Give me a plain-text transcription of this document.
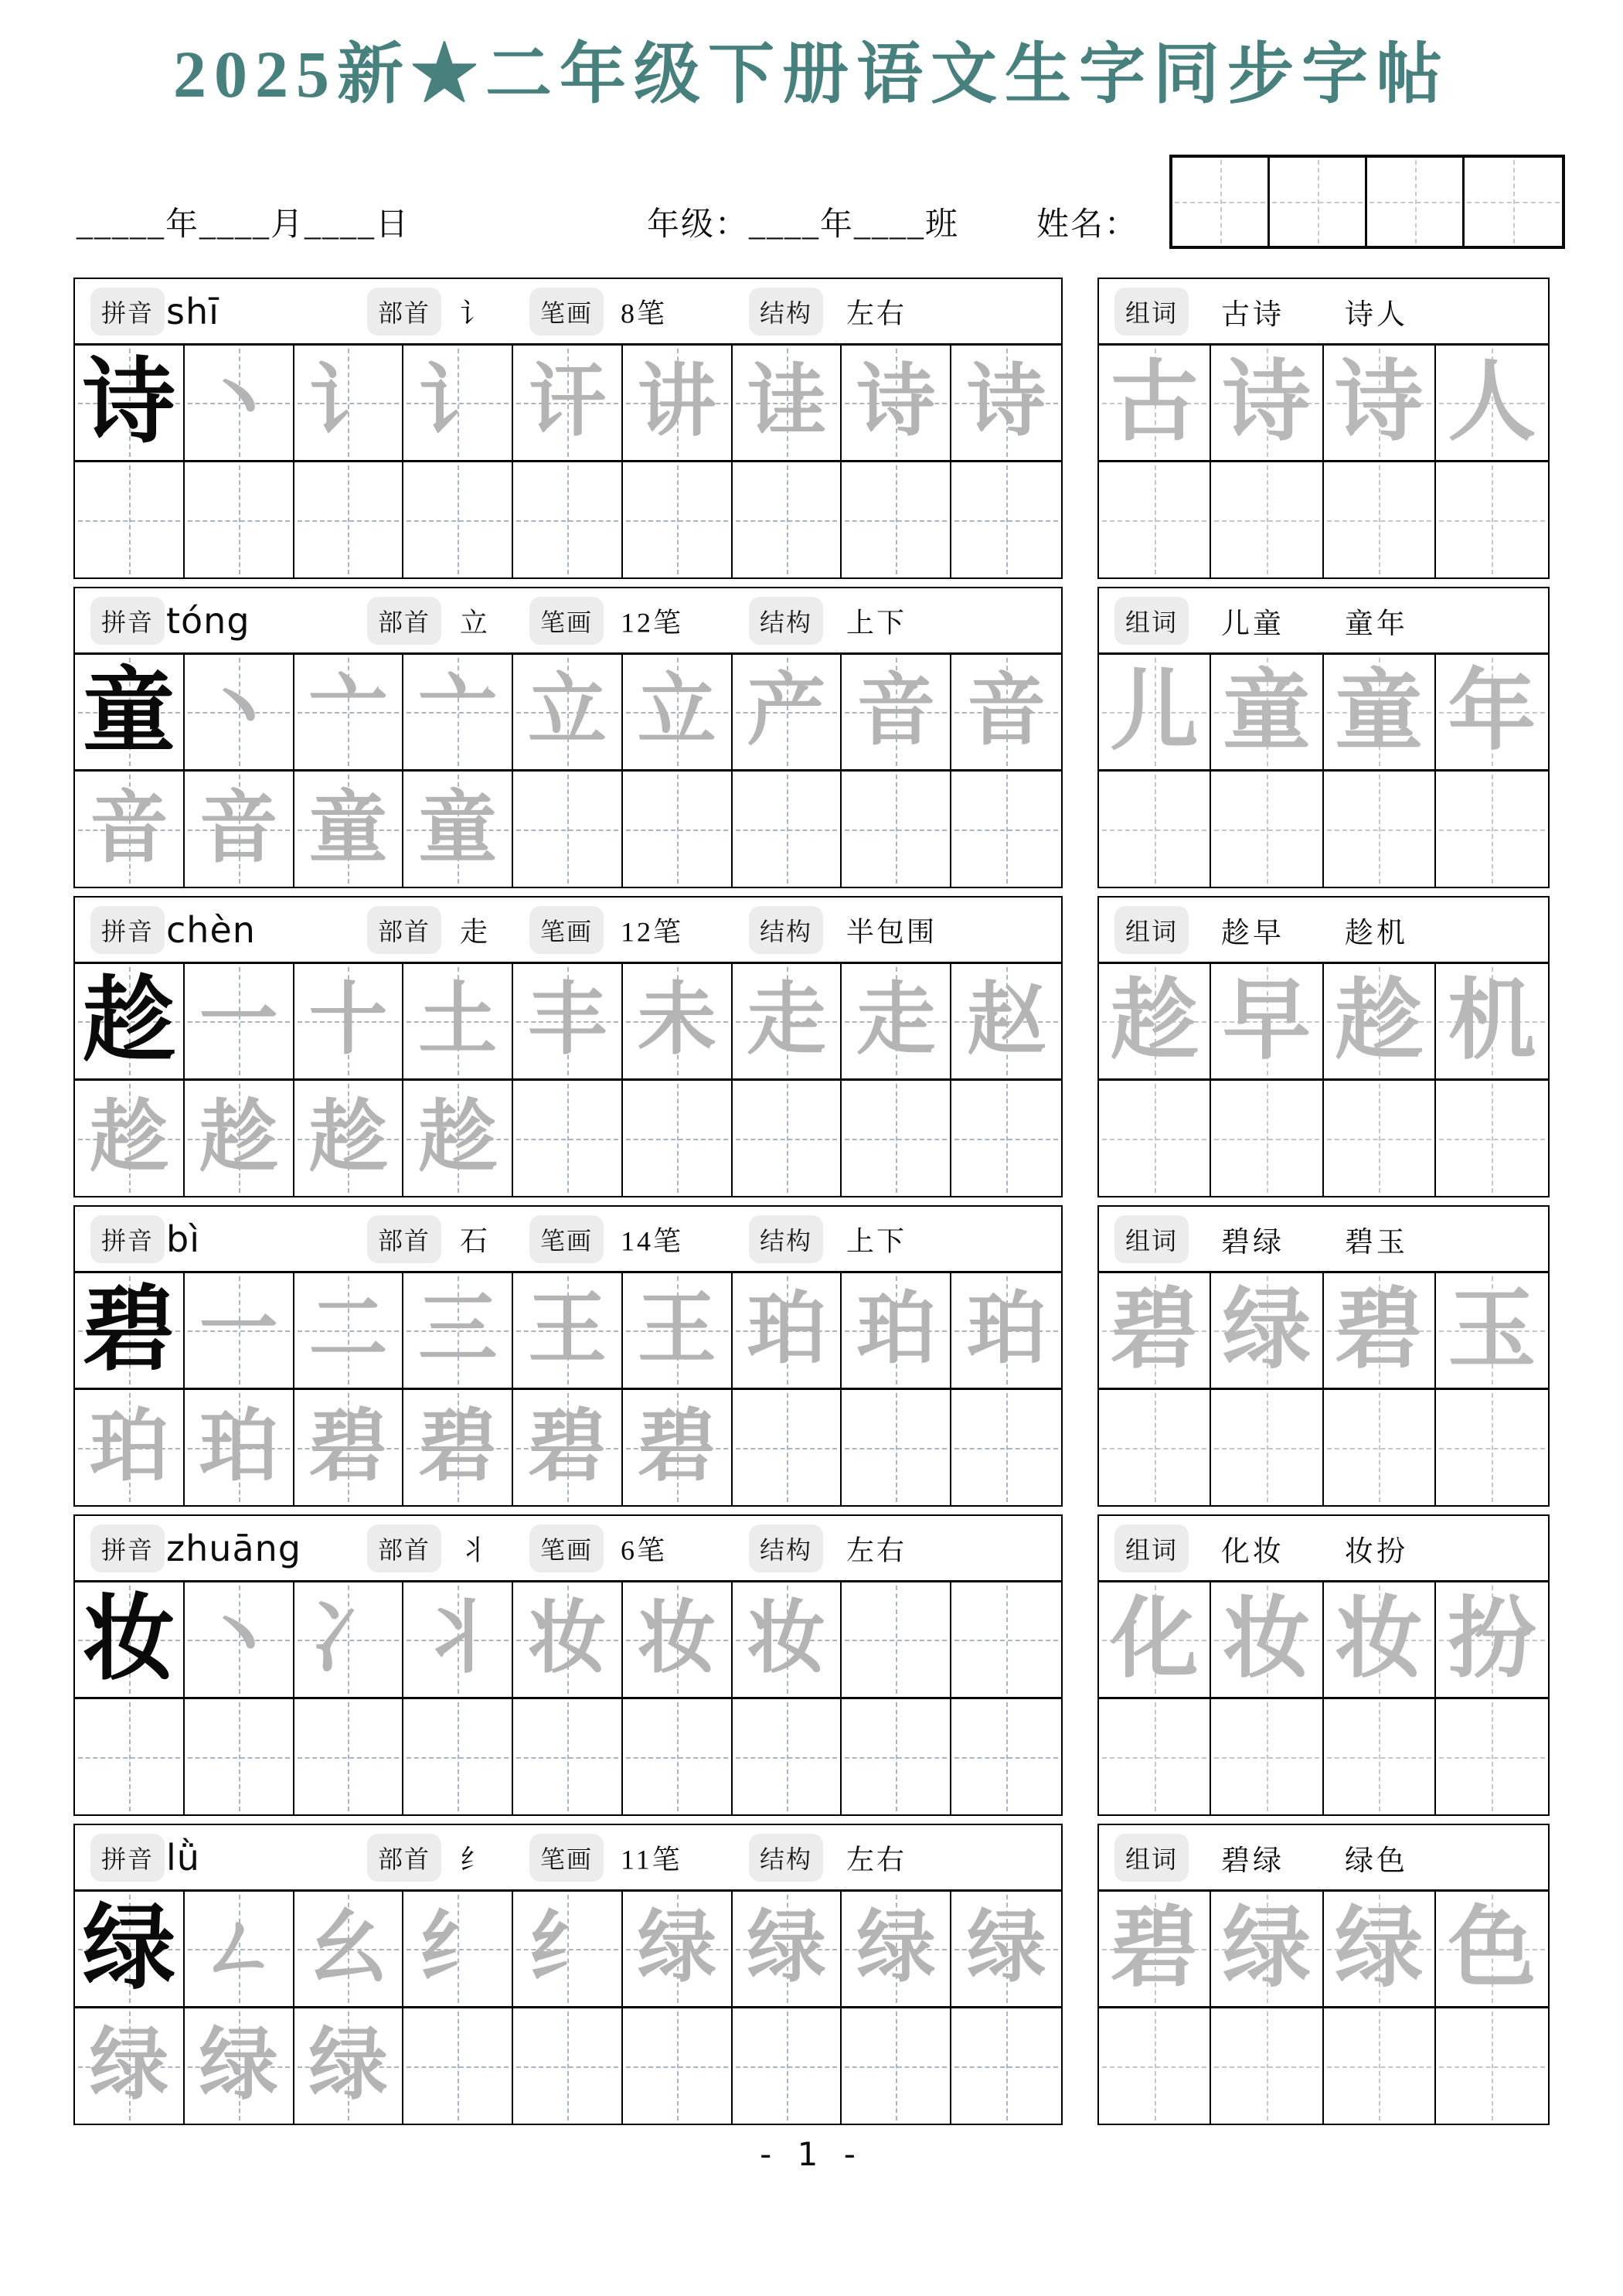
2025新★二年级下册语文生字同步字帖
_____年____月____日	年级：____年____班 姓名：
拼音 shī	部首	讠	笔画 8笔	结构	左右
诗 丶 讠 讠 讦 讲 诖 诗 诗
组词	古诗 诗人
古 诗 诗 人
拼音 tóng	部首	立	笔画 12笔	结构	上下
童 丶 亠 亠 立 立 产 音 音
音 音 童 童
组词	儿童 童年
儿 童 童 年
拼音 chèn	部首	走	笔画 12笔	结构	半包围
趁 一 十 土 丰 未 走 走 赵
趁 趁 趁 趁
组词	趁早 趁机
趁 早 趁 机
拼音 bì	部首	石	笔画 14笔	结构	上下
碧 一 二 三 王 王 珀 珀 珀
珀 珀 碧 碧 碧 碧
组词	碧绿 碧玉
碧 绿 碧 玉
拼音 zhuāng	部首	丬	笔画 6笔	结构	左右
妆 丶 冫 丬 妆 妆 妆
组词	化妆 妆扮
化 妆 妆 扮
拼音 lǜ	部首	纟	笔画 11笔	结构	左右
绿 ㄥ 幺 纟 纟 绿 绿 绿 绿
绿 绿 绿
组词	碧绿 绿色
碧 绿 绿 色
- 1 -
